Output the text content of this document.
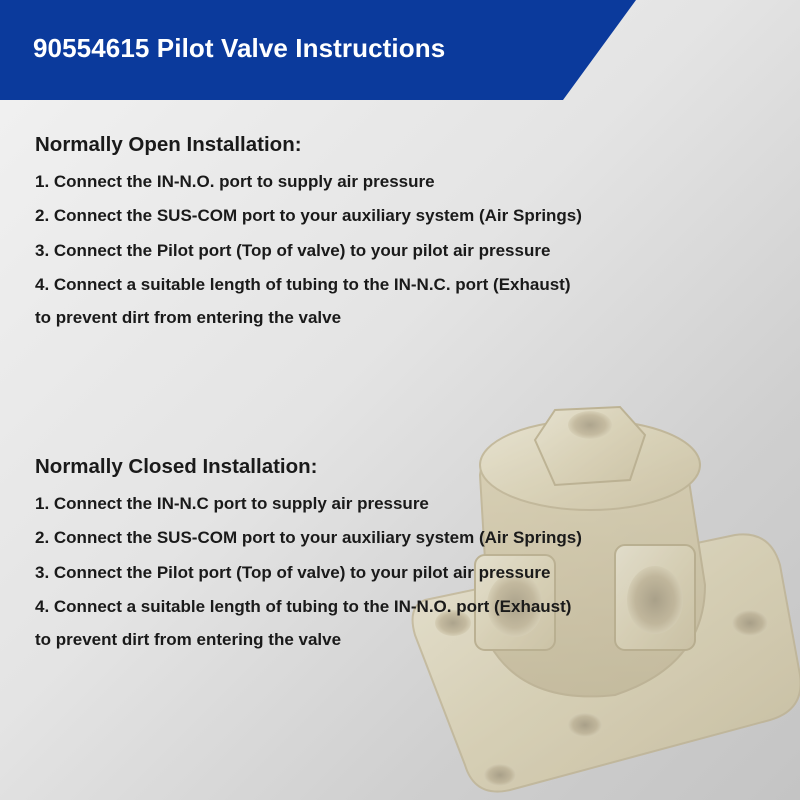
90554615 Pilot Valve Instructions
Normally Open Installation:
1. Connect the IN-N.O. port to supply air pressure
2. Connect the SUS-COM port to your auxiliary system (Air Springs)
3. Connect the Pilot port (Top of valve) to your pilot air pressure
4. Connect a suitable length of tubing to the IN-N.C. port (Exhaust)
to prevent dirt from entering the valve
Normally Closed Installation:
1. Connect the IN-N.C port to supply air pressure
2. Connect the SUS-COM port to your auxiliary system (Air Springs)
3. Connect the Pilot port (Top of valve) to your pilot air pressure
4. Connect a suitable length of tubing to the IN-N.O. port (Exhaust)
to prevent dirt from entering the valve
